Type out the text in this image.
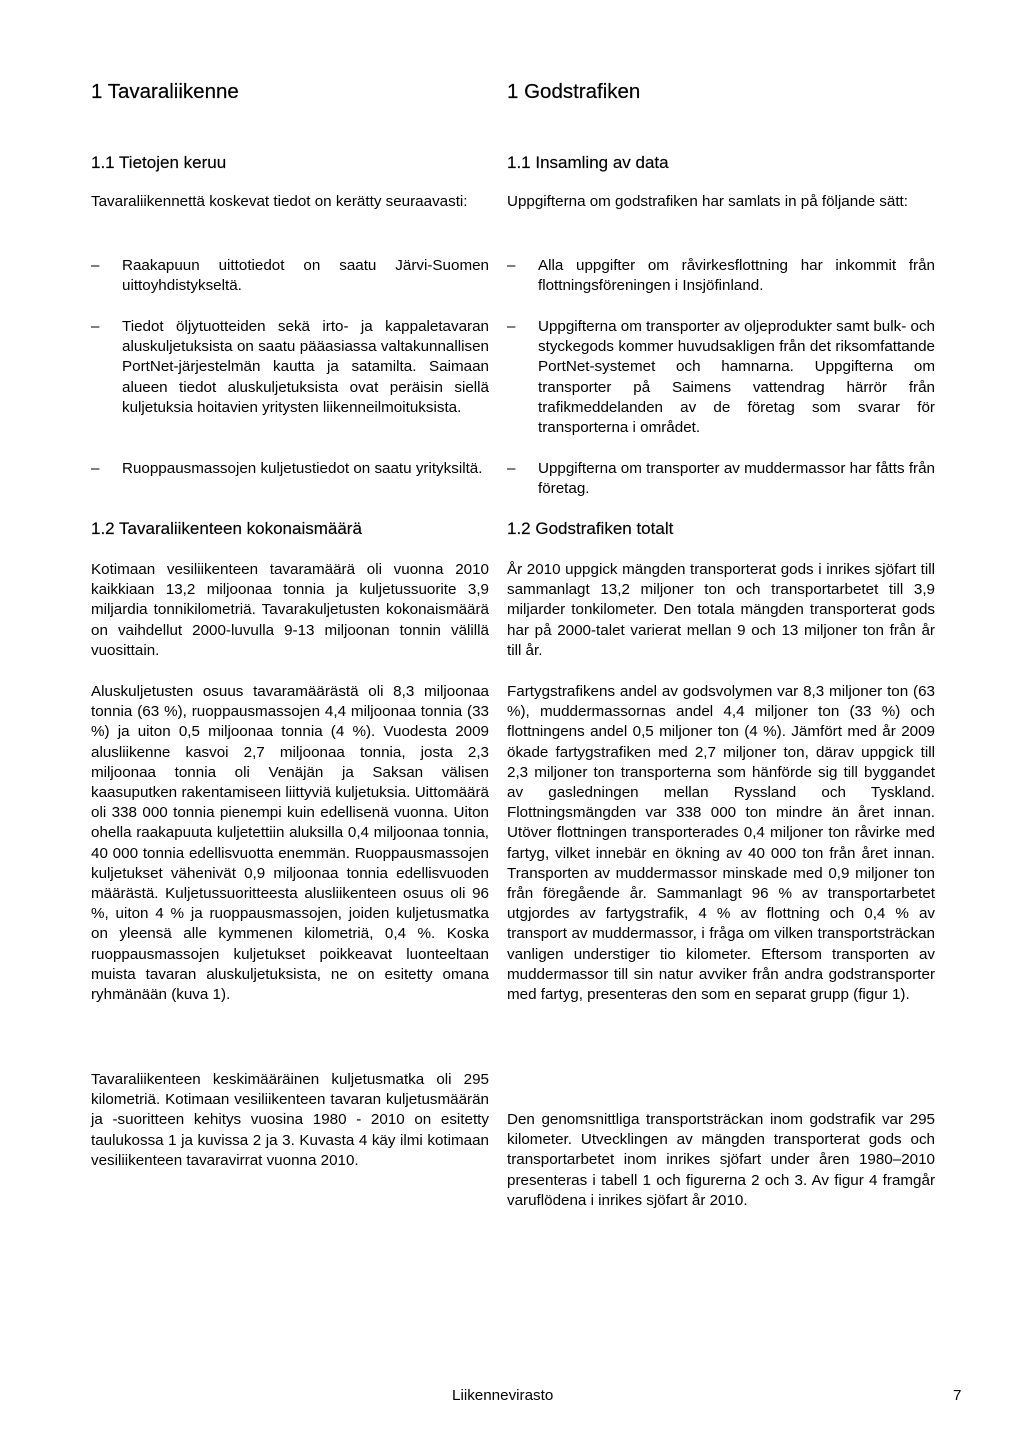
1 Tavaraliikenne
1.1 Tietojen keruu

Tavaraliikennettä koskevat tiedot on kerätty seuraavasti:

– Raakapuun uittotiedot on saatu Järvi-Suomen uittoyhdistykseltä.
– Tiedot öljytuotteiden sekä irto- ja kappaletavaran aluskuljetuksista on saatu pääasiassa valtakunnallisen PortNet-järjestelmän kautta ja satamilta. Saimaan alueen tiedot aluskuljetuksista ovat peräisin siellä kuljetuksia hoitavien yritysten liikenneilmoituksista.
– Ruoppausmassojen kuljetustiedot on saatu yrityksiltä.
1.2 Tavaraliikenteen kokonaismäärä

Kotimaan vesiliikenteen tavaramäärä oli vuonna 2010 kaikkiaan 13,2 miljoonaa tonnia ja kuljetussuorite 3,9 miljardia tonnikilometriä. Tavarakuljetusten kokonaismäärä on vaihdellut 2000-luvulla 9-13 miljoonan tonnin välillä vuosittain.

Aluskuljetusten osuus tavaramäärästä oli 8,3 miljoonaa tonnia (63 %), ruoppausmassojen 4,4 miljoonaa tonnia (33 %) ja uiton 0,5 miljoonaa tonnia (4 %). Vuodesta 2009 alusliikenne kasvoi 2,7 miljoonaa tonnia, josta 2,3 miljoonaa tonnia oli Venäjän ja Saksan välisen kaasuputken rakentamiseen liittyviä kuljetuksia. Uittomäärä oli 338 000 tonnia pienempi kuin edellisenä vuonna. Uiton ohella raakapuuta kuljetettiin aluksilla 0,4 miljoonaa tonnia, 40 000 tonnia edellisvuotta enemmän. Ruoppausmassojen kuljetukset vähenivät 0,9 miljoonaa tonnia edellisvuoden määrästä. Kuljetussuoritteesta alusliikenteen osuus oli 96 %, uiton 4 % ja ruoppausmassojen, joiden kuljetusmatka on yleensä alle kymmenen kilometriä, 0,4 %. Koska ruoppausmassojen kuljetukset poikkeavat luonteeltaan muista tavaran aluskuljetuksista, ne on esitetty omana ryhmänään (kuva 1).

Tavaraliikenteen keskimääräinen kuljetusmatka oli 295 kilometriä. Kotimaan vesiliikenteen tavaran kuljetusmäärän ja -suoritteen kehitys vuosina 1980 - 2010 on esitetty taulukossa 1 ja kuvissa 2 ja 3. Kuvasta 4 käy ilmi kotimaan vesiliikenteen tavaravirrat vuonna 2010.

1 Godstrafiken
1.1 Insamling av data

Uppgifterna om godstrafiken har samlats in på följande sätt:

– Alla uppgifter om råvirkesflottning har inkommit från flottningsföreningen i Insjöfinland.
– Uppgifterna om transporter av oljeprodukter samt bulk- och styckegods kommer huvudsakligen från det riksomfattande PortNet-systemet och hamnarna. Uppgifterna om transporter på Saimens vattendrag härrör från trafikmeddelanden av de företag som svarar för transporterna i området.
– Uppgifterna om transporter av muddermassor har fåtts från företag.
1.2 Godstrafiken totalt

År 2010 uppgick mängden transporterat gods i inrikes sjöfart till sammanlagt 13,2 miljoner ton och transportarbetet till 3,9 miljarder tonkilometer. Den totala mängden transporterat gods har på 2000-talet varierat mellan 9 och 13 miljoner ton från år till år.

Fartygstrafikens andel av godsvolymen var 8,3 miljoner ton (63 %), muddermassornas andel 4,4 miljoner ton (33 %) och flottningens andel 0,5 miljoner ton (4 %). Jämfört med år 2009 ökade fartygstrafiken med 2,7 miljoner ton, därav uppgick till 2,3 miljoner ton transporterna som hänförde sig till byggandet av gasledningen mellan Ryssland och Tyskland. Flottningsmängden var 338 000 ton mindre än året innan. Utöver flottningen transporterades 0,4 miljoner ton råvirke med fartyg, vilket innebär en ökning av 40 000 ton från året innan. Transporten av muddermassor minskade med 0,9 miljoner ton från föregående år. Sammanlagt 96 % av transportarbetet utgjordes av fartygstrafik, 4 % av flottning och 0,4 % av transport av muddermassor, i fråga om vilken transportsträckan vanligen understiger tio kilometer. Eftersom transporten av muddermassor till sin natur avviker från andra godstransporter med fartyg, presenteras den som en separat grupp (figur 1).

Den genomsnittliga transportsträckan inom godstrafik var 295 kilometer. Utvecklingen av mängden transporterat gods och transportarbetet inom inrikes sjöfart under åren 1980–2010 presenteras i tabell 1 och figurerna 2 och 3. Av figur 4 framgår varuflödena i inrikes sjöfart år 2010.

Liikennevirasto	7
